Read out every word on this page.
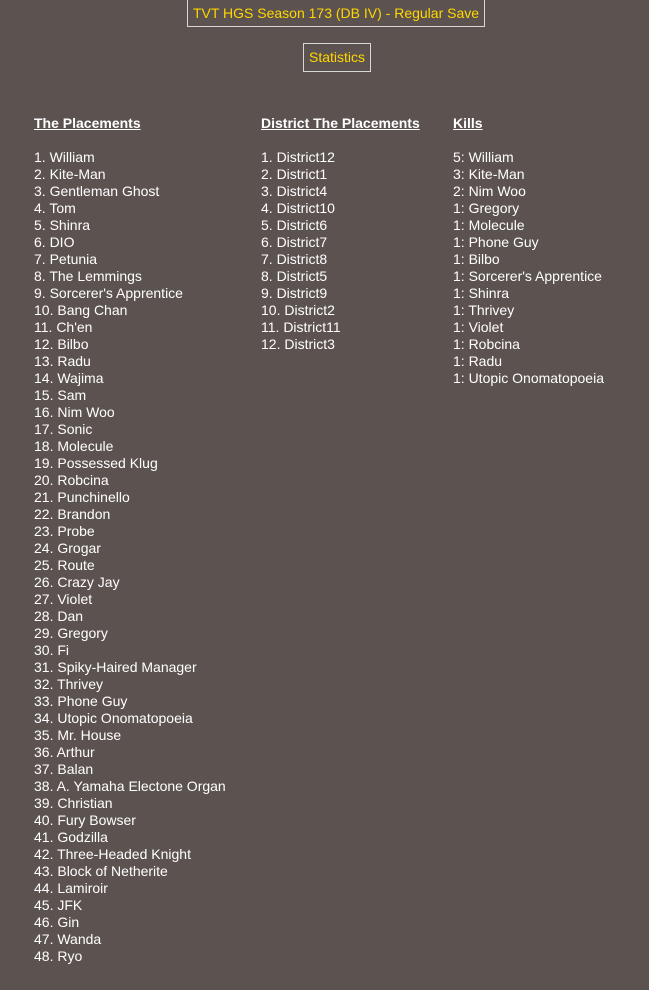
TVT HGS Season 173 (DB IV) - Regular Save
Statistics
The Placements
1. William
2. Kite-Man
3. Gentleman Ghost
4. Tom
5. Shinra
6. DIO
7. Petunia
8. The Lemmings
9. Sorcerer's Apprentice
10. Bang Chan
11. Ch'en
12. Bilbo
13. Radu
14. Wajima
15. Sam
16. Nim Woo
17. Sonic
18. Molecule
19. Possessed Klug
20. Robcina
21. Punchinello
22. Brandon
23. Probe
24. Grogar
25. Route
26. Crazy Jay
27. Violet
28. Dan
29. Gregory
30. Fi
31. Spiky-Haired Manager
32. Thrivey
33. Phone Guy
34. Utopic Onomatopoeia
35. Mr. House
36. Arthur
37. Balan
38. A. Yamaha Electone Organ
39. Christian
40. Fury Bowser
41. Godzilla
42. Three-Headed Knight
43. Block of Netherite
44. Lamiroir
45. JFK
46. Gin
47. Wanda
48. Ryo
District The Placements
1. District12
2. District1
3. District4
4. District10
5. District6
6. District7
7. District8
8. District5
9. District9
10. District2
11. District11
12. District3
Kills
5: William
3: Kite-Man
2: Nim Woo
1: Gregory
1: Molecule
1: Phone Guy
1: Bilbo
1: Sorcerer's Apprentice
1: Shinra
1: Thrivey
1: Violet
1: Robcina
1: Radu
1: Utopic Onomatopoeia
